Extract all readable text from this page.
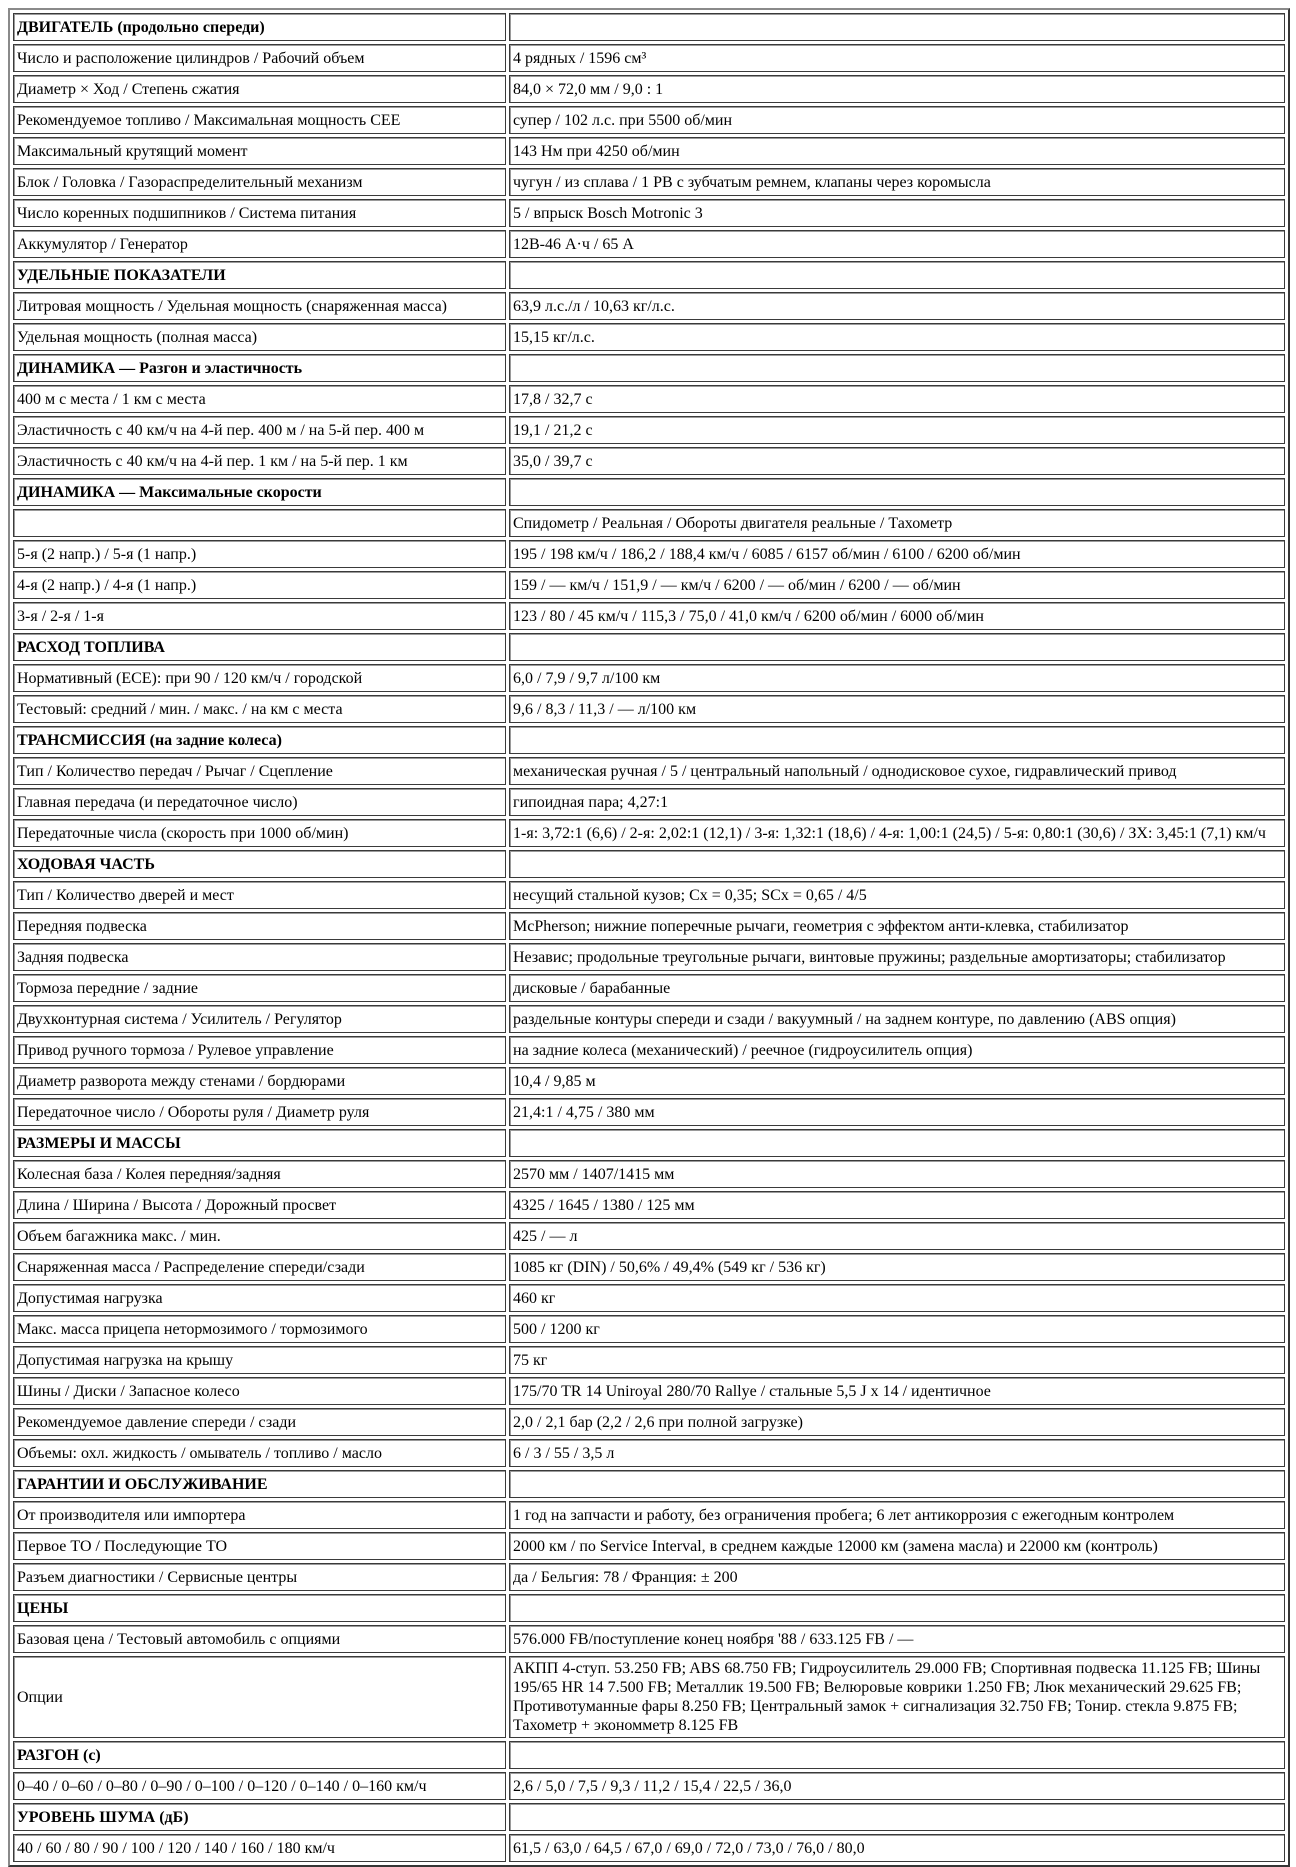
ДВИГАТЕЛЬ (продольно спереди)	
Число и расположение цилиндров / Рабочий объем	4 рядных / 1596 см³
Диаметр × Ход / Степень сжатия	84,0 × 72,0 мм / 9,0 : 1
Рекомендуемое топливо / Максимальная мощность CEE	супер / 102 л.с. при 5500 об/мин
Максимальный крутящий момент	143 Нм при 4250 об/мин
Блок / Головка / Газораспределительный механизм	чугун / из сплава / 1 РВ с зубчатым ремнем, клапаны через коромысла
Число коренных подшипников / Система питания	5 / впрыск Bosch Motronic 3
Аккумулятор / Генератор	12В-46 А·ч / 65 А
УДЕЛЬНЫЕ ПОКАЗАТЕЛИ	
Литровая мощность / Удельная мощность (снаряженная масса)	63,9 л.с./л / 10,63 кг/л.с.
Удельная мощность (полная масса)	15,15 кг/л.с.
ДИНАМИКА — Разгон и эластичность	
400 м с места / 1 км с места	17,8 / 32,7 с
Эластичность с 40 км/ч на 4-й пер. 400 м / на 5-й пер. 400 м	19,1 / 21,2 с
Эластичность с 40 км/ч на 4-й пер. 1 км / на 5-й пер. 1 км	35,0 / 39,7 с
ДИНАМИКА — Максимальные скорости	
	Спидометр / Реальная / Обороты двигателя реальные / Тахометр
5-я (2 напр.) / 5-я (1 напр.)	195 / 198 км/ч / 186,2 / 188,4 км/ч / 6085 / 6157 об/мин / 6100 / 6200 об/мин
4-я (2 напр.) / 4-я (1 напр.)	159 / — км/ч / 151,9 / — км/ч / 6200 / — об/мин / 6200 / — об/мин
3-я / 2-я / 1-я	123 / 80 / 45 км/ч / 115,3 / 75,0 / 41,0 км/ч / 6200 об/мин / 6000 об/мин
РАСХОД ТОПЛИВА	
Нормативный (ECE): при 90 / 120 км/ч / городской	6,0 / 7,9 / 9,7 л/100 км
Тестовый: средний / мин. / макс. / на км с места	9,6 / 8,3 / 11,3 / — л/100 км
ТРАНСМИССИЯ (на задние колеса)	
Тип / Количество передач / Рычаг / Сцепление	механическая ручная / 5 / центральный напольный / однодисковое сухое, гидравлический привод
Главная передача (и передаточное число)	гипоидная пара; 4,27:1
Передаточные числа (скорость при 1000 об/мин)	1-я: 3,72:1 (6,6) / 2-я: 2,02:1 (12,1) / 3-я: 1,32:1 (18,6) / 4-я: 1,00:1 (24,5) / 5-я: 0,80:1 (30,6) / ЗХ: 3,45:1 (7,1) км/ч
ХОДОВАЯ ЧАСТЬ	
Тип / Количество дверей и мест	несущий стальной кузов; Cx = 0,35; SCx = 0,65 / 4/5
Передняя подвеска	McPherson; нижние поперечные рычаги, геометрия с эффектом анти-клевка, стабилизатор
Задняя подвеска	Независ; продольные треугольные рычаги, винтовые пружины; раздельные амортизаторы; стабилизатор
Тормоза передние / задние	дисковые / барабанные
Двухконтурная система / Усилитель / Регулятор	раздельные контуры спереди и сзади / вакуумный / на заднем контуре, по давлению (ABS опция)
Привод ручного тормоза / Рулевое управление	на задние колеса (механический) / реечное (гидроусилитель опция)
Диаметр разворота между стенами / бордюрами	10,4 / 9,85 м
Передаточное число / Обороты руля / Диаметр руля	21,4:1 / 4,75 / 380 мм
РАЗМЕРЫ И МАССЫ	
Колесная база / Колея передняя/задняя	2570 мм / 1407/1415 мм
Длина / Ширина / Высота / Дорожный просвет	4325 / 1645 / 1380 / 125 мм
Объем багажника макс. / мин.	425 / — л
Снаряженная масса / Распределение спереди/сзади	1085 кг (DIN) / 50,6% / 49,4% (549 кг / 536 кг)
Допустимая нагрузка	460 кг
Макс. масса прицепа нетормозимого / тормозимого	500 / 1200 кг
Допустимая нагрузка на крышу	75 кг
Шины / Диски / Запасное колесо	175/70 TR 14 Uniroyal 280/70 Rallye / стальные 5,5 J x 14 / идентичное
Рекомендуемое давление спереди / сзади	2,0 / 2,1 бар (2,2 / 2,6 при полной загрузке)
Объемы: охл. жидкость / омыватель / топливо / масло	6 / 3 / 55 / 3,5 л
ГАРАНТИИ И ОБСЛУЖИВАНИЕ	
От производителя или импортера	1 год на запчасти и работу, без ограничения пробега; 6 лет антикоррозия с ежегодным контролем
Первое ТО / Последующие ТО	2000 км / по Service Interval, в среднем каждые 12000 км (замена масла) и 22000 км (контроль)
Разъем диагностики / Сервисные центры	да / Бельгия: 78 / Франция: ± 200
ЦЕНЫ	
Базовая цена / Тестовый автомобиль с опциями	576.000 FB/поступление конец ноября '88 / 633.125 FB / —
Опции	АКПП 4-ступ. 53.250 FB; ABS 68.750 FB; Гидроусилитель 29.000 FB; Спортивная подвеска 11.125 FB; Шины 195/65 HR 14 7.500 FB; Металлик 19.500 FB; Велюровые коврики 1.250 FB; Люк механический 29.625 FB; Противотуманные фары 8.250 FB; Центральный замок + сигнализация 32.750 FB; Тонир. стекла 9.875 FB; Тахометр + экономметр 8.125 FB
РАЗГОН (с)	
0–40 / 0–60 / 0–80 / 0–90 / 0–100 / 0–120 / 0–140 / 0–160 км/ч	2,6 / 5,0 / 7,5 / 9,3 / 11,2 / 15,4 / 22,5 / 36,0
УРОВЕНЬ ШУМА (дБ)	
40 / 60 / 80 / 90 / 100 / 120 / 140 / 160 / 180 км/ч	61,5 / 63,0 / 64,5 / 67,0 / 69,0 / 72,0 / 73,0 / 76,0 / 80,0
